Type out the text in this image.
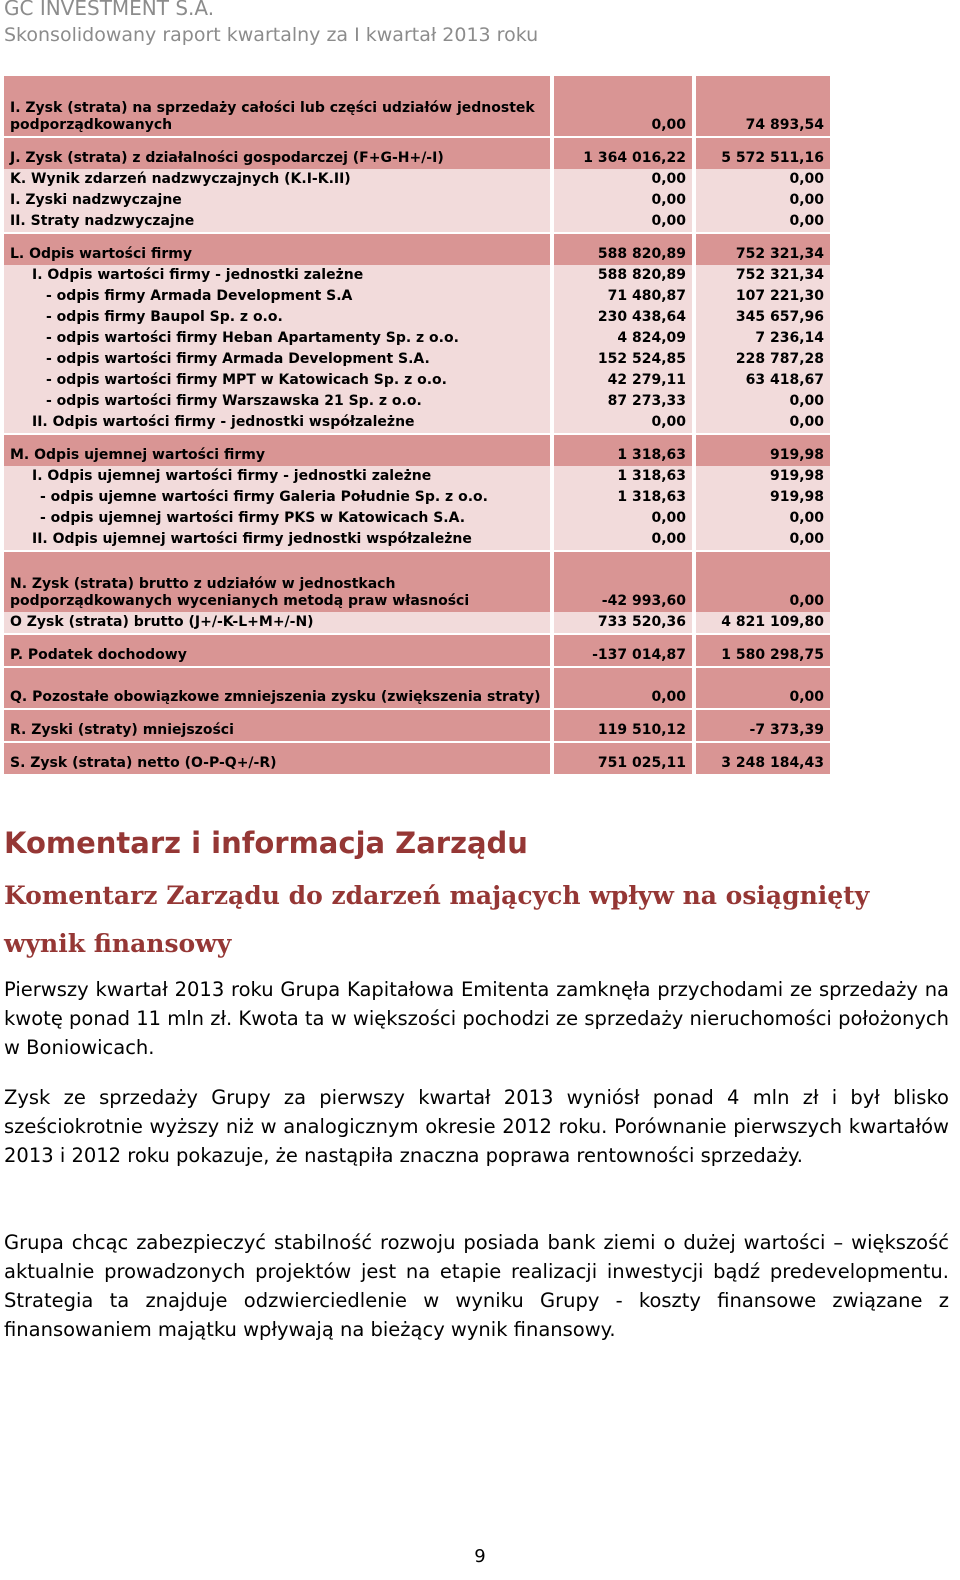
GC INVESTMENT S.A.
Skonsolidowany raport kwartalny za I kwartał 2013 roku
I. Zysk (strata) na sprzedaży całości lub części udziałów jednostek podporządkowanych	0,00	74 893,54
J. Zysk (strata) z działalności gospodarczej (F+G-H+/-I)	1 364 016,22	5 572 511,16
K. Wynik zdarzeń nadzwyczajnych (K.I-K.II)	0,00	0,00
I. Zyski nadzwyczajne	0,00	0,00
II. Straty nadzwyczajne	0,00	0,00
L. Odpis wartości firmy	588 820,89	752 321,34
I. Odpis wartości firmy - jednostki zależne	588 820,89	752 321,34
- odpis firmy Armada Development S.A	71 480,87	107 221,30
- odpis firmy Baupol Sp. z o.o.	230 438,64	345 657,96
- odpis wartości firmy Heban Apartamenty Sp. z o.o.	4 824,09	7 236,14
- odpis wartości firmy Armada Development S.A.	152 524,85	228 787,28
- odpis wartości firmy MPT w Katowicach Sp. z o.o.	42 279,11	63 418,67
- odpis wartości firmy Warszawska 21 Sp. z o.o.	87 273,33	0,00
II. Odpis wartości firmy - jednostki współzależne	0,00	0,00
M. Odpis ujemnej wartości firmy	1 318,63	919,98
I. Odpis ujemnej wartości firmy - jednostki zależne	1 318,63	919,98
- odpis ujemne wartości firmy Galeria Południe Sp. z o.o.	1 318,63	919,98
- odpis ujemnej wartości firmy PKS w Katowicach S.A.	0,00	0,00
II. Odpis ujemnej wartości firmy jednostki współzależne	0,00	0,00
N. Zysk (strata) brutto z udziałów w jednostkach podporządkowanych wycenianych metodą praw własności	-42 993,60	0,00
O Zysk (strata) brutto (J+/-K-L+M+/-N)	733 520,36	4 821 109,80
P. Podatek dochodowy	-137 014,87	1 580 298,75
Q. Pozostałe obowiązkowe zmniejszenia zysku (zwiększenia straty)	0,00	0,00
R. Zyski (straty) mniejszości	119 510,12	-7 373,39
S. Zysk (strata) netto (O-P-Q+/-R)	751 025,11	3 248 184,43
Komentarz i informacja Zarządu
Komentarz Zarządu do zdarzeń mających wpływ na osiągnięty wynik finansowy

Pierwszy kwartał 2013 roku Grupa Kapitałowa Emitenta zamknęła przychodami ze sprzedaży na kwotę ponad 11 mln zł. Kwota ta w większości pochodzi ze sprzedaży nieruchomości położonych w Boniowicach.

Zysk ze sprzedaży Grupy za pierwszy kwartał 2013 wyniósł ponad 4 mln zł i był blisko sześciokrotnie wyższy niż w analogicznym okresie 2012 roku. Porównanie pierwszych kwartałów 2013 i 2012 roku pokazuje, że nastąpiła znaczna poprawa rentowności sprzedaży.

Grupa chcąc zabezpieczyć stabilność rozwoju posiada bank ziemi o dużej wartości – większość aktualnie prowadzonych projektów jest na etapie realizacji inwestycji bądź predevelopmentu. Strategia ta znajduje odzwierciedlenie w wyniku Grupy - koszty finansowe związane z finansowaniem majątku wpływają na bieżący wynik finansowy.

9
